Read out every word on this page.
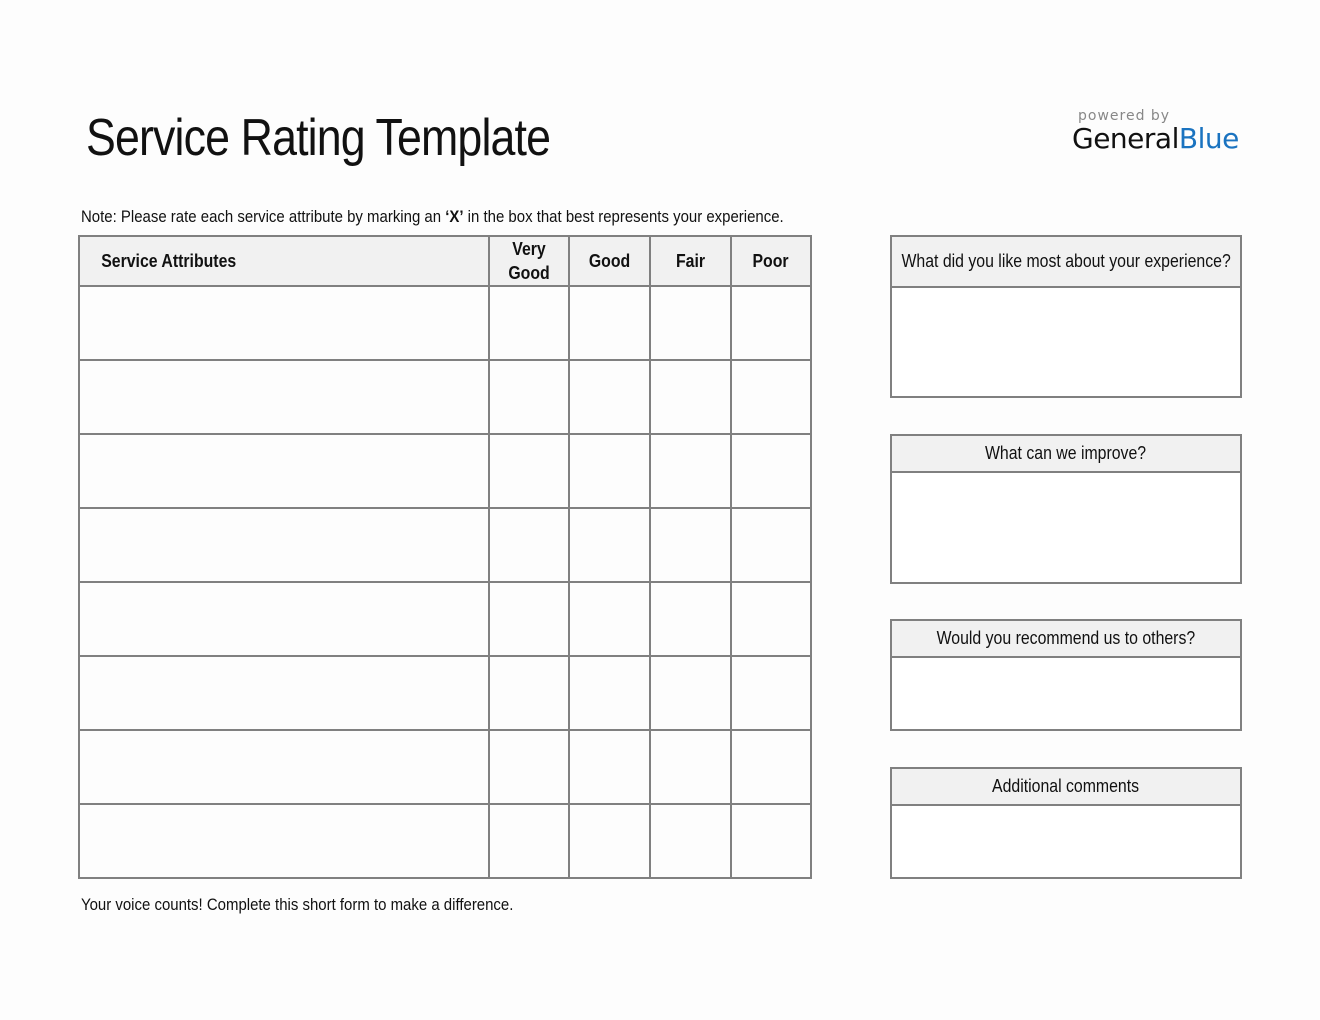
Service Rating Template	powered by
GeneralBlue
Note: Please rate each service attribute by marking an ‘X’ in the box that best represents your experience.
Service Attributes	Very Good	Good	Fair	Poor

					What did you like most about your experience?
What can we improve?
Would you recommend us to others?
Additional comments
Your voice counts! Complete this short form to make a difference.
